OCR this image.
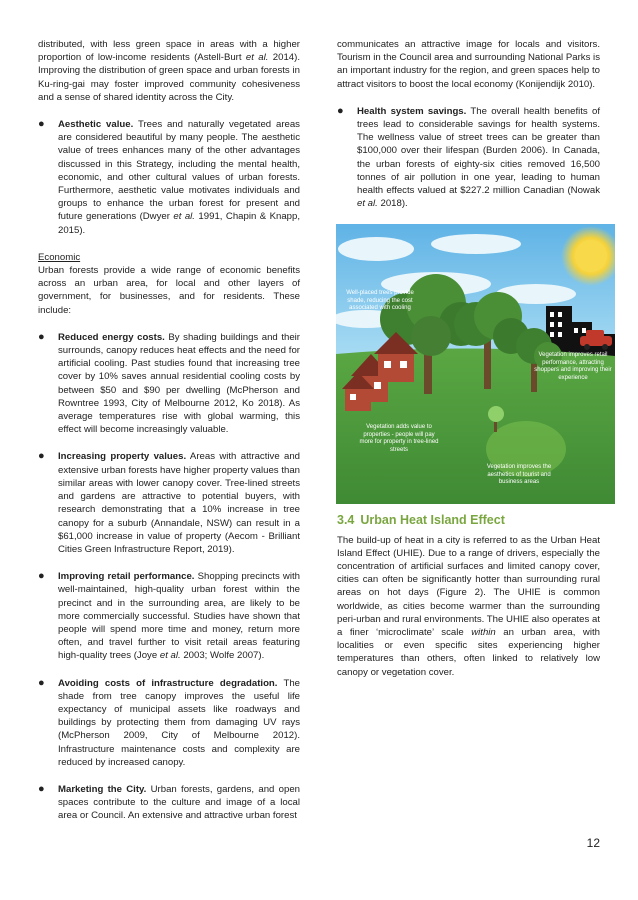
distributed, with less green space in areas with a higher proportion of low-income residents (Astell-Burt et al. 2014). Improving the distribution of green space and urban forests in Ku-ring-gai may foster improved community cohesiveness and a sense of shared identity across the City.

● Aesthetic value. Trees and naturally vegetated areas are considered beautiful by many people. The aesthetic value of trees enhances many of the other advantages discussed in this Strategy, including the mental health, economic, and other cultural values of urban forests. Furthermore, aesthetic value motivates individuals and groups to enhance the urban forest for present and future generations (Dwyer et al. 1991, Chapin & Knapp, 2015).

Economic

Urban forests provide a wide range of economic benefits across an urban area, for local and other layers of government, for businesses, and for residents. These include:

● Reduced energy costs. By shading buildings and their surrounds, canopy reduces heat effects and the need for artificial cooling. Past studies found that increasing tree cover by 10% saves annual residential cooling costs by between $50 and $90 per dwelling (McPherson and Rowntree 1993, City of Melbourne 2012, Ko 2018). As average temperatures rise with global warming, this effect will become increasingly valuable.
● Increasing property values. Areas with attractive and extensive urban forests have higher property values than similar areas with lower canopy cover. Tree-lined streets and gardens are attractive to potential buyers, with research demonstrating that a 10% increase in tree canopy for a suburb (Annandale, NSW) can result in a $61,000 increase in value of property (Aecom - Brilliant Cities Green Infrastructure Report, 2019).
● Improving retail performance. Shopping precincts with well-maintained, high-quality urban forest within the precinct and in the surrounding area, are likely to be more commercially successful. Studies have shown that people will spend more time and money, return more often, and travel further to visit retail areas featuring high-quality trees (Joye et al. 2003; Wolfe 2007).
● Avoiding costs of infrastructure degradation. The shade from tree canopy improves the useful life expectancy of municipal assets like roadways and buildings by protecting them from damaging UV rays (McPherson 2009, City of Melbourne 2012). Infrastructure maintenance costs and complexity are reduced by increased canopy.
● Marketing the City. Urban forests, gardens, and open spaces contribute to the culture and image of a local area or Council. An extensive and attractive urban forest

communicates an attractive image for locals and visitors. Tourism in the Council area and surrounding National Parks is an important industry for the region, and green spaces help to attract visitors to boost the local economy (Konijendijk 2010).

● Health system savings. The overall health benefits of trees lead to considerable savings for health systems. The wellness value of street trees can be greater than $100,000 over their lifespan (Burden 2006). In Canada, the urban forests of eighty-six cities removed 16,500 tonnes of air pollution in one year, leading to human health effects valued at $227.2 million Canadian (Nowak et al. 2018).
Well-placed trees provide shade, reducing the cost associated with cooling
Vegetation improves retail performance, attracting shoppers and improving their experience
Vegetation adds value to properties - people will pay more for property in tree-lined streets
Vegetation improves the aesthetics of tourist and business areas
3.4 Urban Heat Island Effect

The build-up of heat in a city is referred to as the Urban Heat Island Effect (UHIE). Due to a range of drivers, especially the concentration of artificial surfaces and limited canopy cover, cities can often be significantly hotter than surrounding rural areas on hot days (Figure 2). The UHIE is common worldwide, as cities become warmer than the surrounding peri-urban and rural environments. The UHIE also operates at a finer ‘microclimate’ scale within an urban area, with localities or even specific sites experiencing higher temperatures than others, often linked to relatively low canopy or vegetation cover.

12
